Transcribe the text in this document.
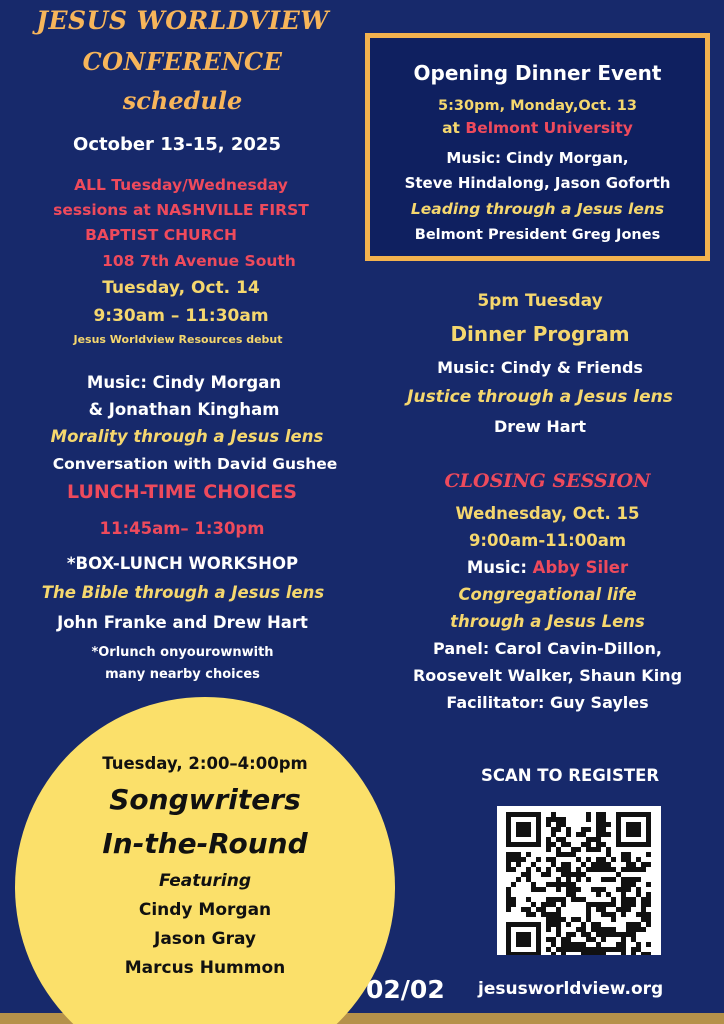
JESUS WORLDVIEW
CONFERENCE
schedule
October 13-15, 2025
ALL Tuesday/Wednesday
sessions at NASHVILLE FIRST
BAPTIST CHURCH
108 7th Avenue South
Tuesday, Oct. 14
9:30am – 11:30am
Jesus Worldview Resources debut
Music: Cindy Morgan
& Jonathan Kingham
Morality through a Jesus lens
Conversation with David Gushee
LUNCH-TIME CHOICES
11:45am– 1:30pm
*BOX-LUNCH WORKSHOP
The Bible through a Jesus lens
John Franke and Drew Hart
*Orlunch onyourownwith
many nearby choices
Opening Dinner Event
5:30pm, Monday,Oct. 13
at Belmont University
Music: Cindy Morgan,
Steve Hindalong, Jason Goforth
Leading through a Jesus lens
Belmont President Greg Jones
5pm Tuesday
Dinner Program
Music: Cindy & Friends
Justice through a Jesus lens
Drew Hart
CLOSING SESSION
Wednesday, Oct. 15
9:00am-11:00am
Music: Abby Siler
Congregational life
through a Jesus Lens
Panel: Carol Cavin-Dillon,
Roosevelt Walker, Shaun King
Facilitator: Guy Sayles
SCAN TO REGISTER
02/02 jesusworldview.org
Tuesday, 2:00–4:00pm
Songwriters
In-the-Round
Featuring
Cindy Morgan
Jason Gray
Marcus Hummon
